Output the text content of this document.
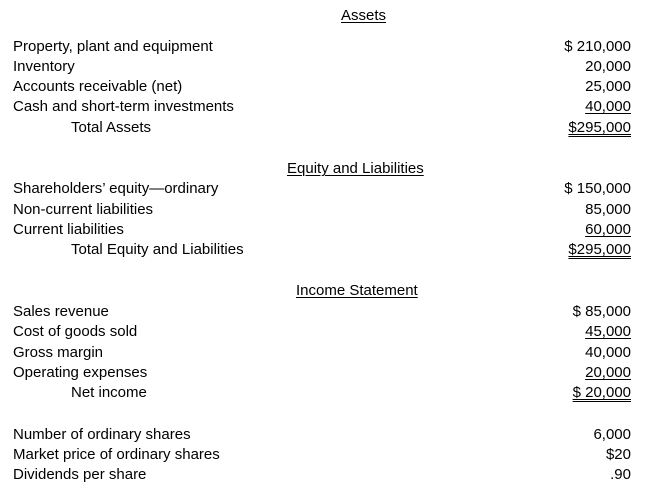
Assets
Property, plant and equipment	$ 210,000
Inventory	20,000
Accounts receivable (net)	25,000
Cash and short-term investments	40,000
Total Assets	$295,000
Equity and Liabilities
Shareholders’ equity—ordinary	$ 150,000
Non-current liabilities	85,000
Current liabilities	60,000
Total Equity and Liabilities	$295,000
Income Statement
Sales revenue	$ 85,000
Cost of goods sold	45,000
Gross margin	40,000
Operating expenses	20,000
Net income	$ 20,000
Number of ordinary shares	6,000
Market price of ordinary shares	$20
Dividends per share	.90
